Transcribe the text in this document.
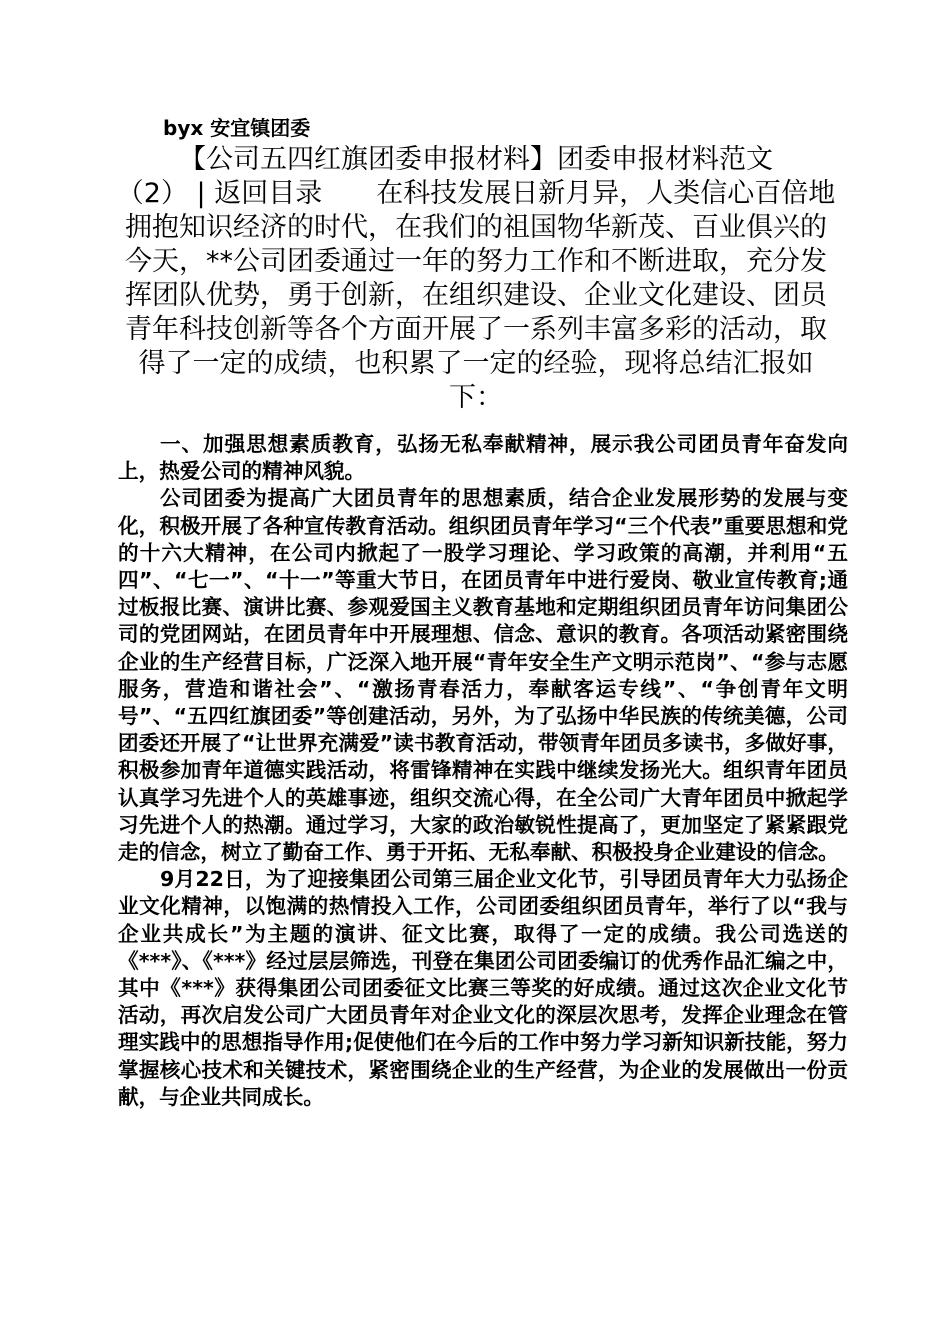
byx 安宜镇团委
【公司五四红旗团委申报材料】团委申报材料范文
（2） | 返回目录　　在科技发展日新月异，人类信心百倍地拥抱知识经济的时代，在我们的祖国物华新茂、百业俱兴的今天，**公司团委通过一年的努力工作和不断进取，充分发挥团队优势，勇于创新，在组织建设、企业文化建设、团员青年科技创新等各个方面开展了一系列丰富多彩的活动，取得了一定的成绩，也积累了一定的经验，现将总结汇报如下：

一、加强思想素质教育，弘扬无私奉献精神，展示我公司团员青年奋发向上，热爱公司的精神风貌。

公司团委为提高广大团员青年的思想素质，结合企业发展形势的发展与变化，积极开展了各种宣传教育活动。组织团员青年学习“三个代表”重要思想和党的十六大精神，在公司内掀起了一股学习理论、学习政策的高潮，并利用“五四”、“七一”、“十一”等重大节日，在团员青年中进行爱岗、敬业宣传教育;通过板报比赛、演讲比赛、参观爱国主义教育基地和定期组织团员青年访问集团公司的党团网站，在团员青年中开展理想、信念、意识的教育。各项活动紧密围绕企业的生产经营目标，广泛深入地开展“青年安全生产文明示范岗”、“参与志愿服务，营造和谐社会”、“激扬青春活力，奉献客运专线”、“争创青年文明号”、“五四红旗团委”等创建活动，另外，为了弘扬中华民族的传统美德，公司团委还开展了“让世界充满爱”读书教育活动，带领青年团员多读书，多做好事，积极参加青年道德实践活动，将雷锋精神在实践中继续发扬光大。组织青年团员认真学习先进个人的英雄事迹，组织交流心得，在全公司广大青年团员中掀起学习先进个人的热潮。通过学习，大家的政治敏锐性提高了，更加坚定了紧紧跟党走的信念，树立了勤奋工作、勇于开拓、无私奉献、积极投身企业建设的信念。

9月22日，为了迎接集团公司第三届企业文化节，引导团员青年大力弘扬企业文化精神，以饱满的热情投入工作，公司团委组织团员青年，举行了以“我与企业共成长”为主题的演讲、征文比赛，取得了一定的成绩。我公司选送的《***》、《***》经过层层筛选，刊登在集团公司团委编订的优秀作品汇编之中，其中《***》获得集团公司团委征文比赛三等奖的好成绩。通过这次企业文化节活动，再次启发公司广大团员青年对企业文化的深层次思考，发挥企业理念在管理实践中的思想指导作用;促使他们在今后的工作中努力学习新知识新技能，努力掌握核心技术和关键技术，紧密围绕企业的生产经营，为企业的发展做出一份贡献，与企业共同成长。
